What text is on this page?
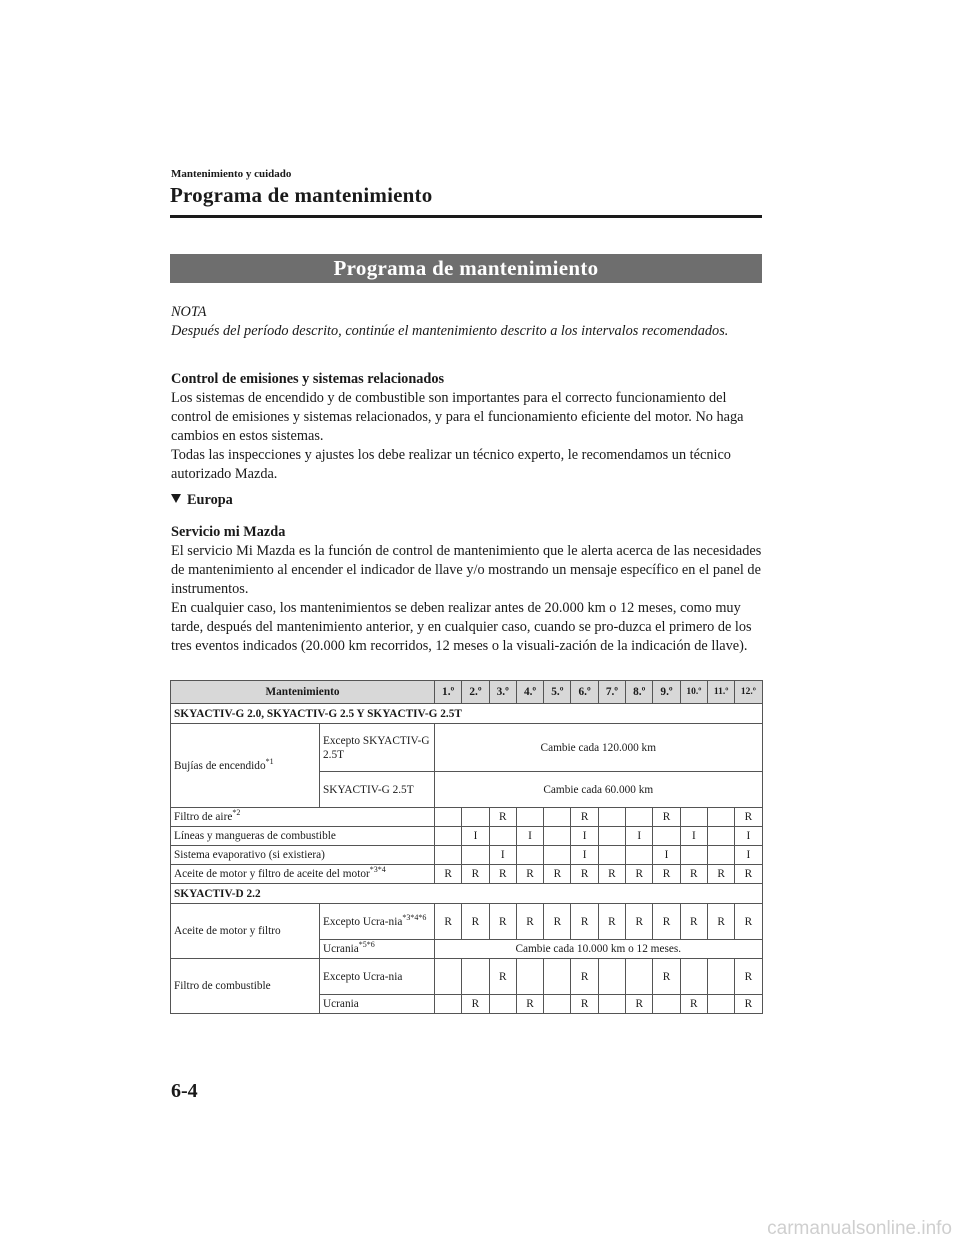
Mantenimiento y cuidado
Programa de mantenimiento
Programa de mantenimiento
NOTA
Después del período descrito, continúe el mantenimiento descrito a los intervalos recomendados.
Control de emisiones y sistemas relacionados

Los sistemas de encendido y de combustible son importantes para el correcto funcionamiento del control de emisiones y sistemas relacionados, y para el funcionamiento eficiente del motor. No haga cambios en estos sistemas.

Todas las inspecciones y ajustes los debe realizar un técnico experto, le recomendamos un técnico autorizado Mazda.

Europa
Servicio mi Mazda

El servicio Mi Mazda es la función de control de mantenimiento que le alerta acerca de las necesidades de mantenimiento al encender el indicador de llave y/o mostrando un mensaje específico en el panel de instrumentos.

En cualquier caso, los mantenimientos se deben realizar antes de 20.000 km o 12 meses, como muy tarde, después del mantenimiento anterior, y en cualquier caso, cuando se pro-duzca el primero de los tres eventos indicados (20.000 km recorridos, 12 meses o la visuali-zación de la indicación de llave).

Mantenimiento		1.º	2.º	3.º	4.º	5.º	6.º	7.º	8.º	9.º	10.º	11.º	12.º
SKYACTIV-G 2.0, SKYACTIV-G 2.5 Y SKYACTIV-G 2.5T													
Bujías de encendido$^{*1}$	Excepto SKYACTIV-G 2.5T	Cambie cada 120.000 km											
	SKYACTIV-G 2.5T	Cambie cada 60.000 km											
Filtro de aire$^{*2}$				R			R			R			R
Líneas y mangueras de combustible			I		I		I		I		I		I
Sistema evaporativo (si existiera)				I			I			I			I
Aceite de motor y filtro de aceite del motor$^{*3*4}$		R	R	R	R	R	R	R	R	R	R	R	R
SKYACTIV-D 2.2													
Aceite de motor y filtro	Excepto Ucra-nia$^{*3*4*6}$	R	R	R	R	R	R	R	R	R	R	R	R
	Ucrania$^{*5*6}$	Cambie cada 10.000 km o 12 meses.											
Filtro de combustible	Excepto Ucra-nia			R			R			R			R
	Ucrania		R		R		R		R		R		R
6-4
carmanualsonline.info
